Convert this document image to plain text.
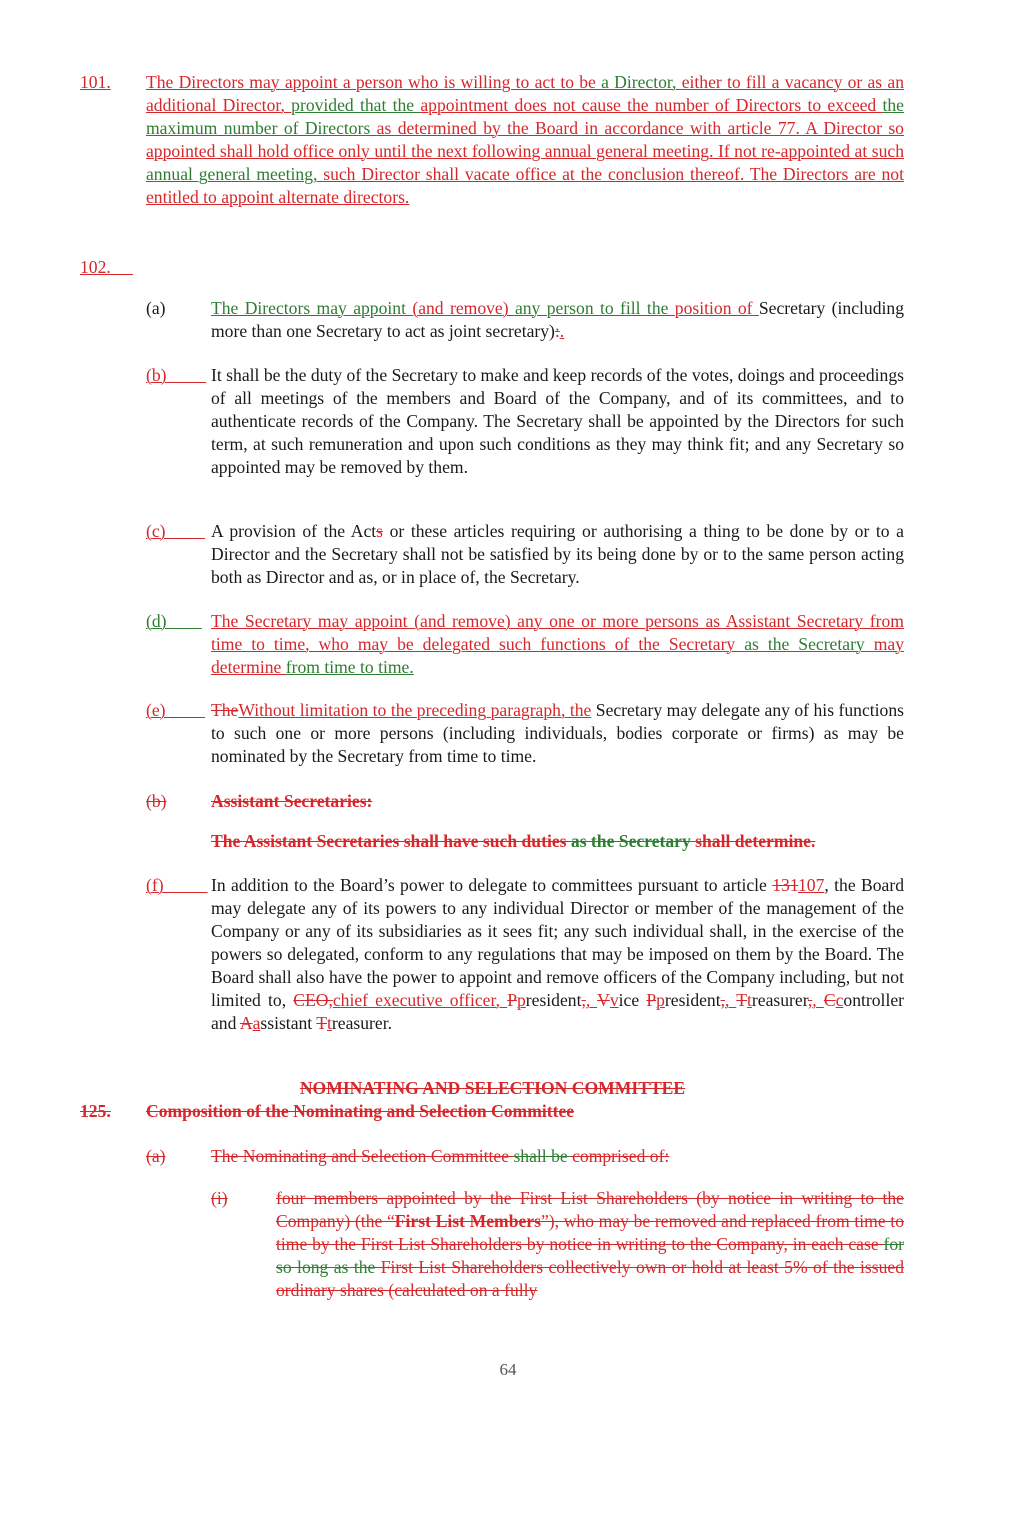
101. The Directors may appoint a person who is willing to act to be a Director, either to fill a vacancy or as an additional Director, provided that the appointment does not cause the number of Directors to exceed the maximum number of Directors as determined by the Board in accordance with article 77. A Director so appointed shall hold office only until the next following annual general meeting. If not re-appointed at such annual general meeting, such Director shall vacate office at the conclusion thereof. The Directors are not entitled to appoint alternate directors.
102.
(a)	The Directors may appoint (and remove) any person to fill the position of Secretary (including more than one Secretary to act as joint secretary):.
(b)	It shall be the duty of the Secretary to make and keep records of the votes, doings and proceedings of all meetings of the members and Board of the Company, and of its committees, and to authenticate records of the Company. The Secretary shall be appointed by the Directors for such term, at such remuneration and upon such conditions as they may think fit; and any Secretary so appointed may be removed by them.
(c)	A provision of the Acts or these articles requiring or authorising a thing to be done by or to a Director and the Secretary shall not be satisfied by its being done by or to the same person acting both as Director and as, or in place of, the Secretary.
(d)	The Secretary may appoint (and remove) any one or more persons as Assistant Secretary from time to time, who may be delegated such functions of the Secretary as the Secretary may determine from time to time.
(e)	TheWithout limitation to the preceding paragraph, the Secretary may delegate any of his functions to such one or more persons (including individuals, bodies corporate or firms) as may be nominated by the Secretary from time to time.
(b)	Assistant Secretaries:
The Assistant Secretaries shall have such duties as the Secretary shall determine.
(f)	In addition to the Board’s power to delegate to committees pursuant to article 131107, the Board may delegate any of its powers to any individual Director or member of the management of the Company or any of its subsidiaries as it sees fit; any such individual shall, in the exercise of the powers so delegated, conform to any regulations that may be imposed on them by the Board. The Board shall also have the power to appoint and remove officers of the Company including, but not limited to, CEO,chief executive officer, Ppresident,, Vvice Ppresident,, Ttreasurer,, Ccontroller and Aassistant Ttreasurer.
NOMINATING AND SELECTION COMMITTEE
125. Composition of the Nominating and Selection Committee
(a)	The Nominating and Selection Committee shall be comprised of:
(i)	four members appointed by the First List Shareholders (by notice in writing to the Company) (the “First List Members”), who may be removed and replaced from time to time by the First List Shareholders by notice in writing to the Company, in each case for so long as the First List Shareholders collectively own or hold at least 5% of the issued ordinary shares (calculated on a fully
64
